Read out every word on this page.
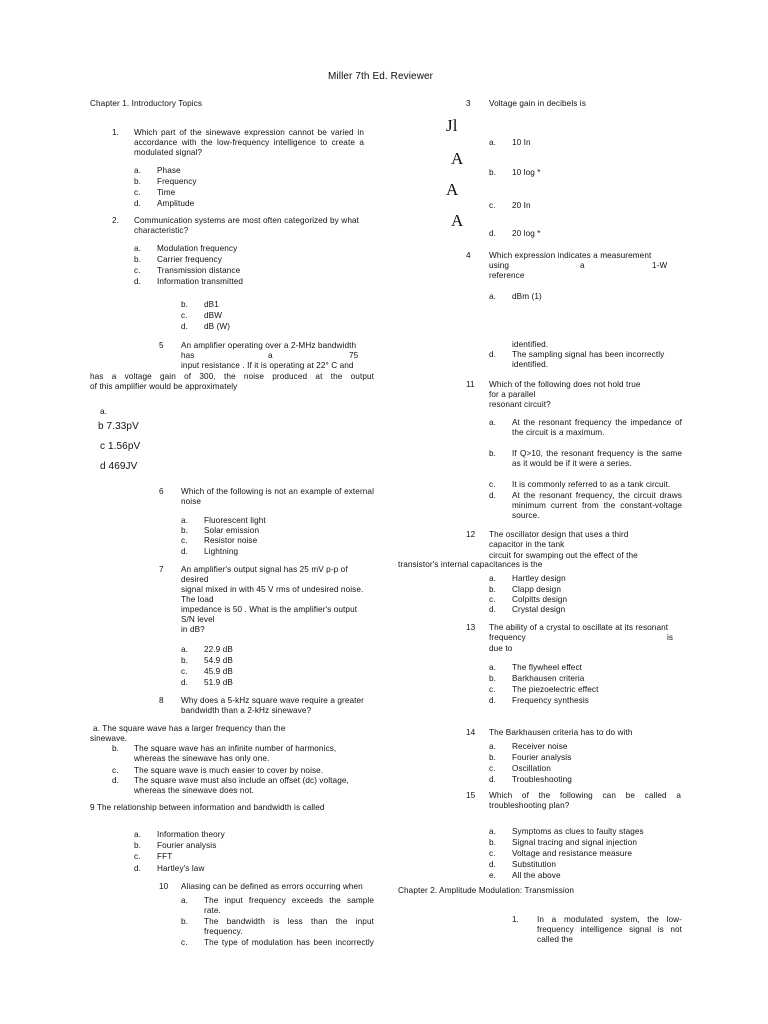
Miller 7th Ed. Reviewer
Chapter 1. Introductory Topics
1. Which part of the sinewave expression cannot be varied in accordance with the low-frequency intelligence to create a modulated signal?
a. Phase
b. Frequency
c. Time
d. Amplitude
2. Communication systems are most often categorized by what characteristic?
a. Modulation frequency
b. Carrier frequency
c. Transmission distance
d. Information transmitted
b. dB1
c. dBW
d. dB (W)
5 An amplifier operating over a 2-MHz bandwidth
has	a	75
input resistance . If it is operating at 22° C and
has a voltage gain of 300, the noise produced at the output
of this amplifier would be approximately
a.
b 7.33pV
c 1.56pV
d 469JV
6 Which of the following is not an example of external noise
a. Fluorescent light
b. Solar emission
c. Resistor noise
d. Lightning
7 An amplifier's output signal has 25 mV p-p of
desired
signal mixed in with 45 V rms of undesired noise.
The load
impedance is 50 . What is the amplifier's output
S/N level
in dB?
a. 22.9 dB
b. 54.9 dB
c. 45.9 dB
d. 51.9 dB
8 Why does a 5-kHz square wave require a greater bandwidth than a 2-kHz sinewave?
a. The square wave has a larger frequency than the
sinewave.
b. The square wave has an infinite number of harmonics, whereas the sinewave has only one.
c. The square wave is much easier to cover by noise.
d. The square wave must also include an offset (dc) voltage, whereas the sinewave does not.
9 The relationship between information and bandwidth is called
a. Information theory
b. Fourier analysis
c. FFT
d. Hartley's law
10 Aliasing can be defined as errors occurring when
a. The input frequency exceeds the sample rate.
b. The bandwidth is less than the input frequency.
c. The type of modulation has been incorrectly
3 Voltage gain in decibels is
Jl
A
A
A
a. 10 In
b. 10 log *
c. 20 In
d. 20 log *
4 Which expression indicates a measurement
using	a	1-W
reference
a. dBm (1)
identified.
d. The sampling signal has been incorrectly identified.
11 Which of the following does not hold true
for a parallel
resonant circuit?
a. At the resonant frequency the impedance of the circuit is a maximum.
b. If Q>10, the resonant frequency is the same as it would be if it were a series.
c. It is commonly referred to as a tank circuit.
d. At the resonant frequency, the circuit draws minimum current from the constant-voltage source.
12 The oscillator design that uses a third
capacitor in the tank
circuit for swamping out the effect of the
transistor's internal capacitances is the
a. Hartley design
b. Clapp design
c. Colpitts design
d. Crystal design
13 The ability of a crystal to oscillate at its resonant
frequency	is
due to
a. The flywheel effect
b. Barkhausen criteria
c. The piezoelectric effect
d. Frequency synthesis
14 The Barkhausen criteria has to do with
a. Receiver noise
b. Fourier analysis
c. Oscillation
d. Troubleshooting
15 Which of the following can be called a troubleshooting plan?
a. Symptoms as clues to faulty stages
b. Signal tracing and signal injection
c. Voltage and resistance measure
d. Substitution
e. All the above
Chapter 2. Amplitude Modulation: Transmission
1. In a modulated system, the low-frequency intelligence signal is not called the
